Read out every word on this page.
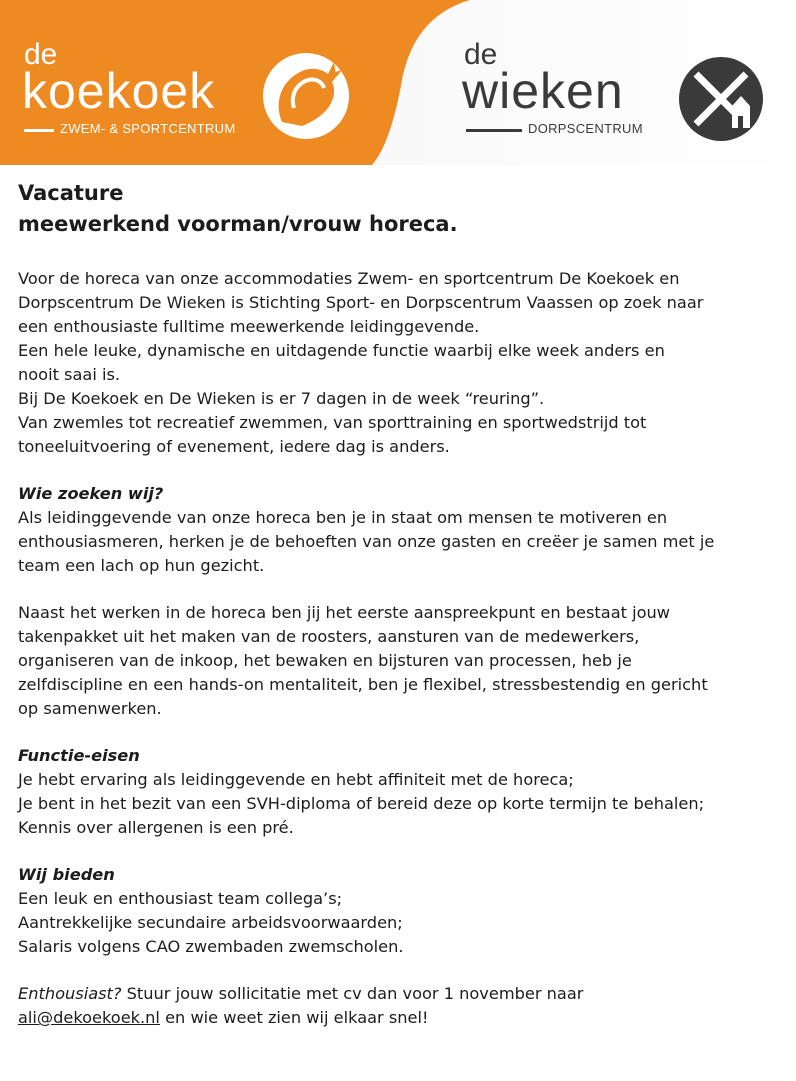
de
koekoek
ZWEM- & SPORTCENTRUM
de
wieken
DORPSCENTRUM
Vacature
meewerkend voorman/vrouw horeca.
Voor de horeca van onze accommodaties Zwem- en sportcentrum De Koekoek en
Dorpscentrum De Wieken is Stichting Sport- en Dorpscentrum Vaassen op zoek naar
een enthousiaste fulltime meewerkende leidinggevende.
Een hele leuke, dynamische en uitdagende functie waarbij elke week anders en
nooit saai is.
Bij De Koekoek en De Wieken is er 7 dagen in de week “reuring”.
Van zwemles tot recreatief zwemmen, van sporttraining en sportwedstrijd tot
toneeluitvoering of evenement, iedere dag is anders.
Wie zoeken wij?
Als leidinggevende van onze horeca ben je in staat om mensen te motiveren en
enthousiasmeren, herken je de behoeften van onze gasten en creëer je samen met je
team een lach op hun gezicht.
Naast het werken in de horeca ben jij het eerste aanspreekpunt en bestaat jouw
takenpakket uit het maken van de roosters, aansturen van de medewerkers,
organiseren van de inkoop, het bewaken en bijsturen van processen, heb je
zelfdiscipline en een hands-on mentaliteit, ben je flexibel, stressbestendig en gericht
op samenwerken.
Functie-eisen
Je hebt ervaring als leidinggevende en hebt affiniteit met de horeca;
Je bent in het bezit van een SVH-diploma of bereid deze op korte termijn te behalen;
Kennis over allergenen is een pré.
Wij bieden
Een leuk en enthousiast team collega’s;
Aantrekkelijke secundaire arbeidsvoorwaarden;
Salaris volgens CAO zwembaden zwemscholen.
Enthousiast? Stuur jouw sollicitatie met cv dan voor 1 november naar
ali@dekoekoek.nl en wie weet zien wij elkaar snel!
